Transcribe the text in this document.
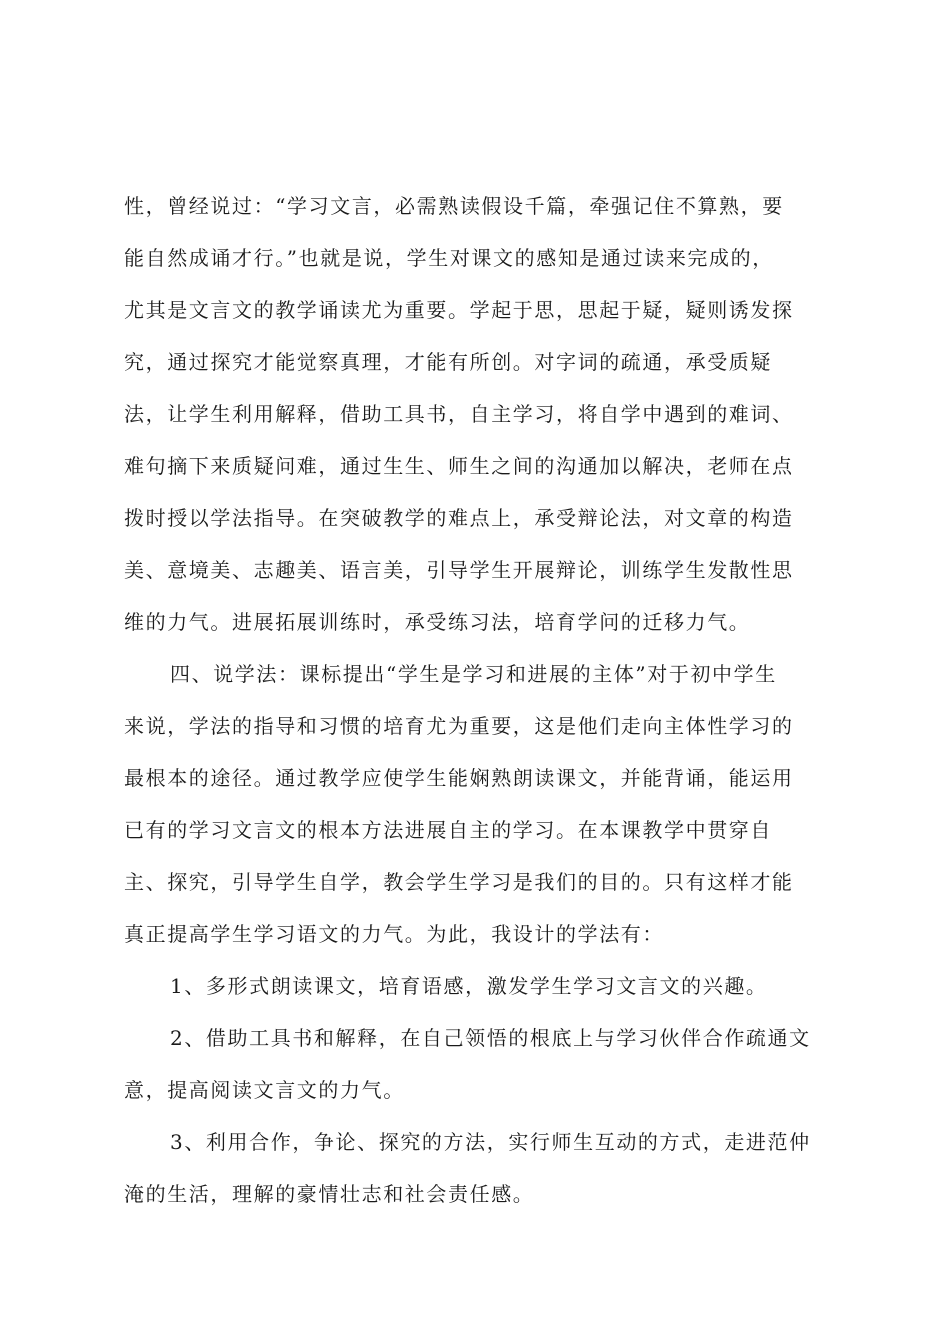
性，曾经说过：“学习文言，必需熟读假设千篇，牵强记住不算熟，要
能自然成诵才行。”也就是说，学生对课文的感知是通过读来完成的，
尤其是文言文的教学诵读尤为重要。学起于思，思起于疑，疑则诱发探
究，通过探究才能觉察真理，才能有所创。对字词的疏通，承受质疑
法，让学生利用解释，借助工具书，自主学习，将自学中遇到的难词、
难句摘下来质疑问难，通过生生、师生之间的沟通加以解决，老师在点
拨时授以学法指导。在突破教学的难点上，承受辩论法，对文章的构造
美、意境美、志趣美、语言美，引导学生开展辩论，训练学生发散性思
维的力气。进展拓展训练时，承受练习法，培育学问的迁移力气。
四、说学法：课标提出“学生是学习和进展的主体”对于初中学生
来说，学法的指导和习惯的培育尤为重要，这是他们走向主体性学习的
最根本的途径。通过教学应使学生能娴熟朗读课文，并能背诵，能运用
已有的学习文言文的根本方法进展自主的学习。在本课教学中贯穿自
主、探究，引导学生自学，教会学生学习是我们的目的。只有这样才能
真正提高学生学习语文的力气。为此，我设计的学法有：
1、多形式朗读课文，培育语感，激发学生学习文言文的兴趣。
2、借助工具书和解释，在自己领悟的根底上与学习伙伴合作疏通文
意，提高阅读文言文的力气。
3、利用合作，争论、探究的方法，实行师生互动的方式，走进范仲
淹的生活，理解的豪情壮志和社会责任感。
